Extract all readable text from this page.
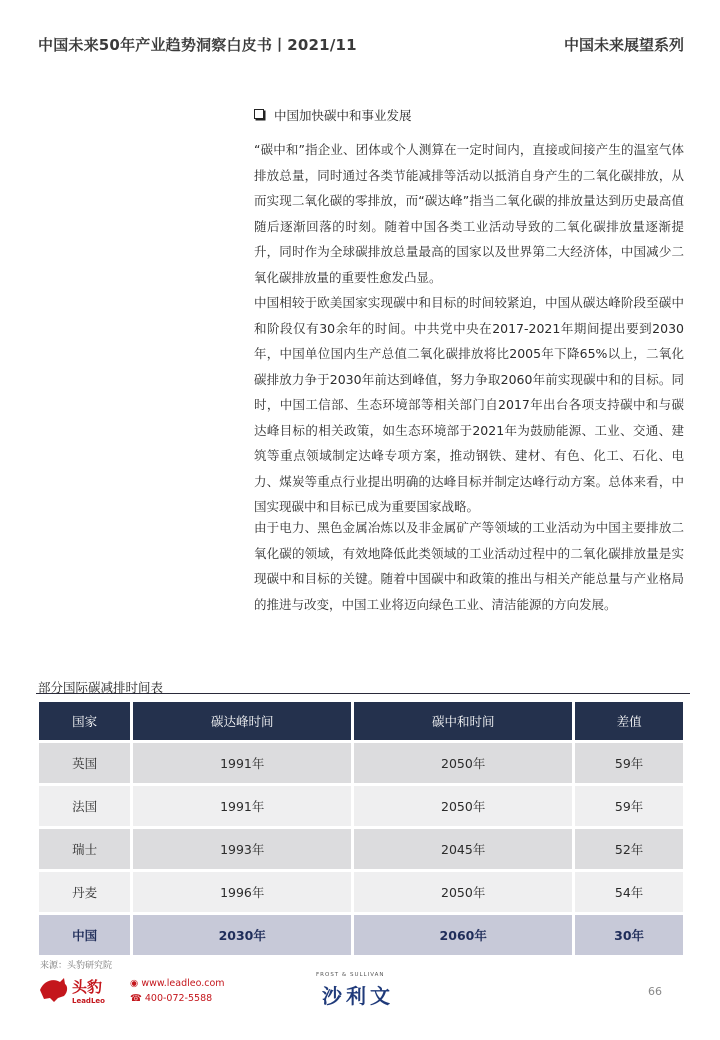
中国未来50年产业趋势洞察白皮书丨2021/11	中国未来展望系列
中国加快碳中和事业发展
“碳中和”指企业、团体或个人测算在一定时间内，直接或间接产生的温室气体排放总量，同时通过各类节能减排等活动以抵消自身产生的二氧化碳排放，从而实现二氧化碳的零排放，而“碳达峰”指当二氧化碳的排放量达到历史最高值随后逐渐回落的时刻。随着中国各类工业活动导致的二氧化碳排放量逐渐提升，同时作为全球碳排放总量最高的国家以及世界第二大经济体，中国减少二氧化碳排放量的重要性愈发凸显。
中国相较于欧美国家实现碳中和目标的时间较紧迫，中国从碳达峰阶段至碳中和阶段仅有30余年的时间。中共党中央在2017-2021年期间提出要到2030年，中国单位国内生产总值二氧化碳排放将比2005年下降65%以上，二氧化碳排放力争于2030年前达到峰值，努力争取2060年前实现碳中和的目标。同时，中国工信部、生态环境部等相关部门自2017年出台各项支持碳中和与碳达峰目标的相关政策，如生态环境部于2021年为鼓励能源、工业、交通、建筑等重点领域制定达峰专项方案，推动钢铁、建材、有色、化工、石化、电力、煤炭等重点行业提出明确的达峰目标并制定达峰行动方案。总体来看，中国实现碳中和目标已成为重要国家战略。
由于电力、黑色金属冶炼以及非金属矿产等领域的工业活动为中国主要排放二氧化碳的领域，有效地降低此类领域的工业活动过程中的二氧化碳排放量是实现碳中和目标的关键。随着中国碳中和政策的推出与相关产能总量与产业格局的推进与改变，中国工业将迈向绿色工业、清洁能源的方向发展。
部分国际碳减排时间表
国家	碳达峰时间	碳中和时间	差值
英国	1991年	2050年	59年
法国	1991年	2050年	59年
瑞士	1993年	2045年	52年
丹麦	1996年	2050年	54年
中国	2030年	2060年	30年
来源：头豹研究院
头豹
LeadLeo
◉ www.leadleo.com
☎ 400-072-5588
FROST & SULLIVAN
沙利文	66
